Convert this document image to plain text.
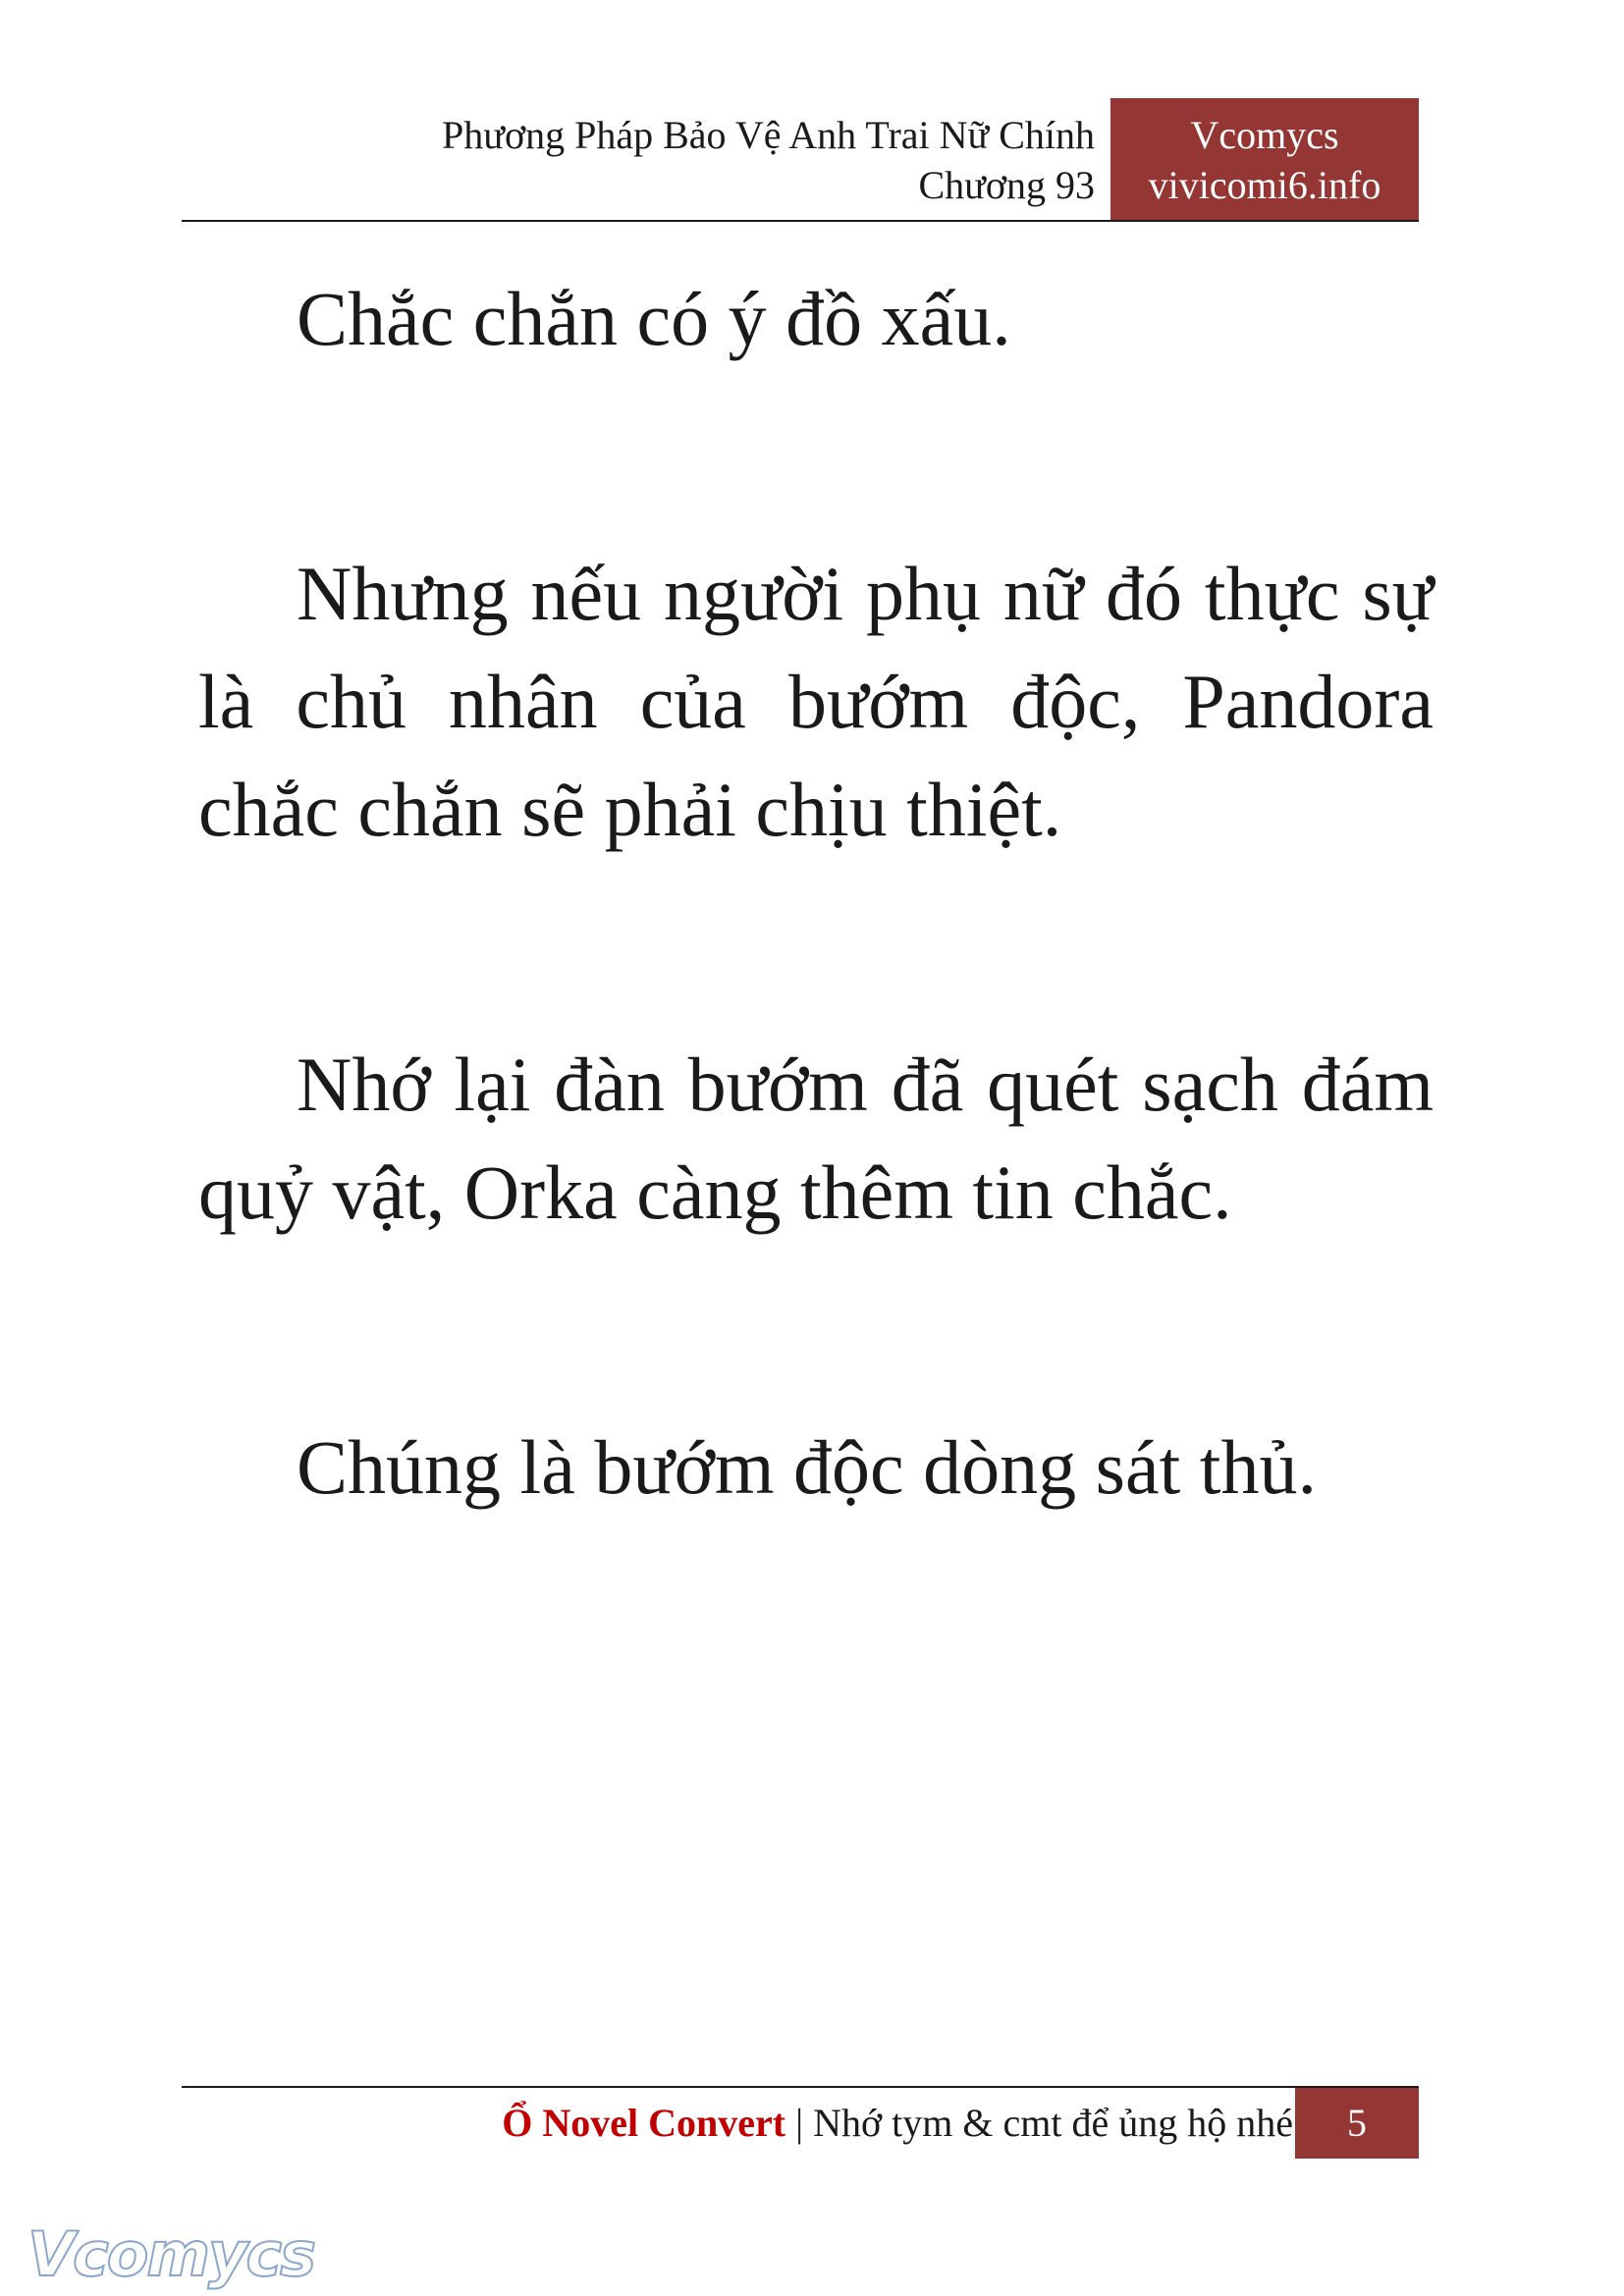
Phương Pháp Bảo Vệ Anh Trai Nữ Chính
Chương 93
Vcomycs
vivicomi6.info

Chắc chắn có ý đồ xấu.

Nhưng nếu người phụ nữ đó thực sự là chủ nhân của bướm độc, Pandora chắc chắn sẽ phải chịu thiệt.

Nhớ lại đàn bướm đã quét sạch đám quỷ vật, Orka càng thêm tin chắc.

Chúng là bướm độc dòng sát thủ.

Ổ Novel Convert | Nhớ tym & cmt để ủng hộ nhé	5
Vcomycs
